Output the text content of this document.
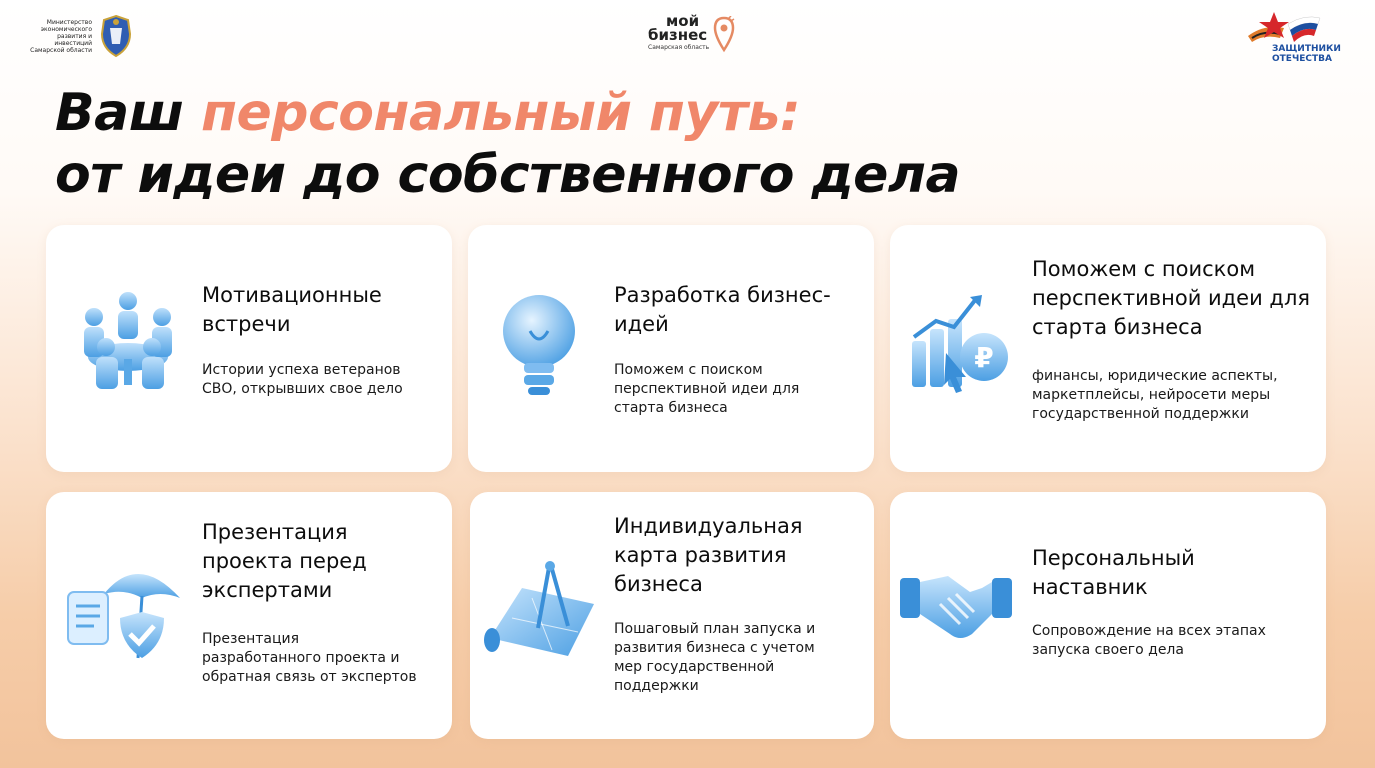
Министерство экономического развития и инвестиций Самарской области
мой
бизнес
Самарская область	ЗАЩИТНИКИ
ОТЕЧЕСТВА
Ваш персональный путь:
от идеи до собственного дела
Мотивационные встречи
Истории успеха ветеранов СВО, открывших свое дело
Разработка бизнес-идей
Поможем с поиском перспективной идеи для старта бизнеса
₽
Поможем с поиском перспективной идеи для старта бизнеса
финансы, юридические аспекты, маркетплейсы, нейросети меры государственной поддержки
Презентация проекта перед экспертами
Презентация разработанного проекта и обратная связь от экспертов
Индивидуальная карта развития бизнеса
Пошаговый план запуска и развития бизнеса с учетом мер государственной поддержки
Персональный наставник
Сопровождение на всех этапах запуска своего дела
